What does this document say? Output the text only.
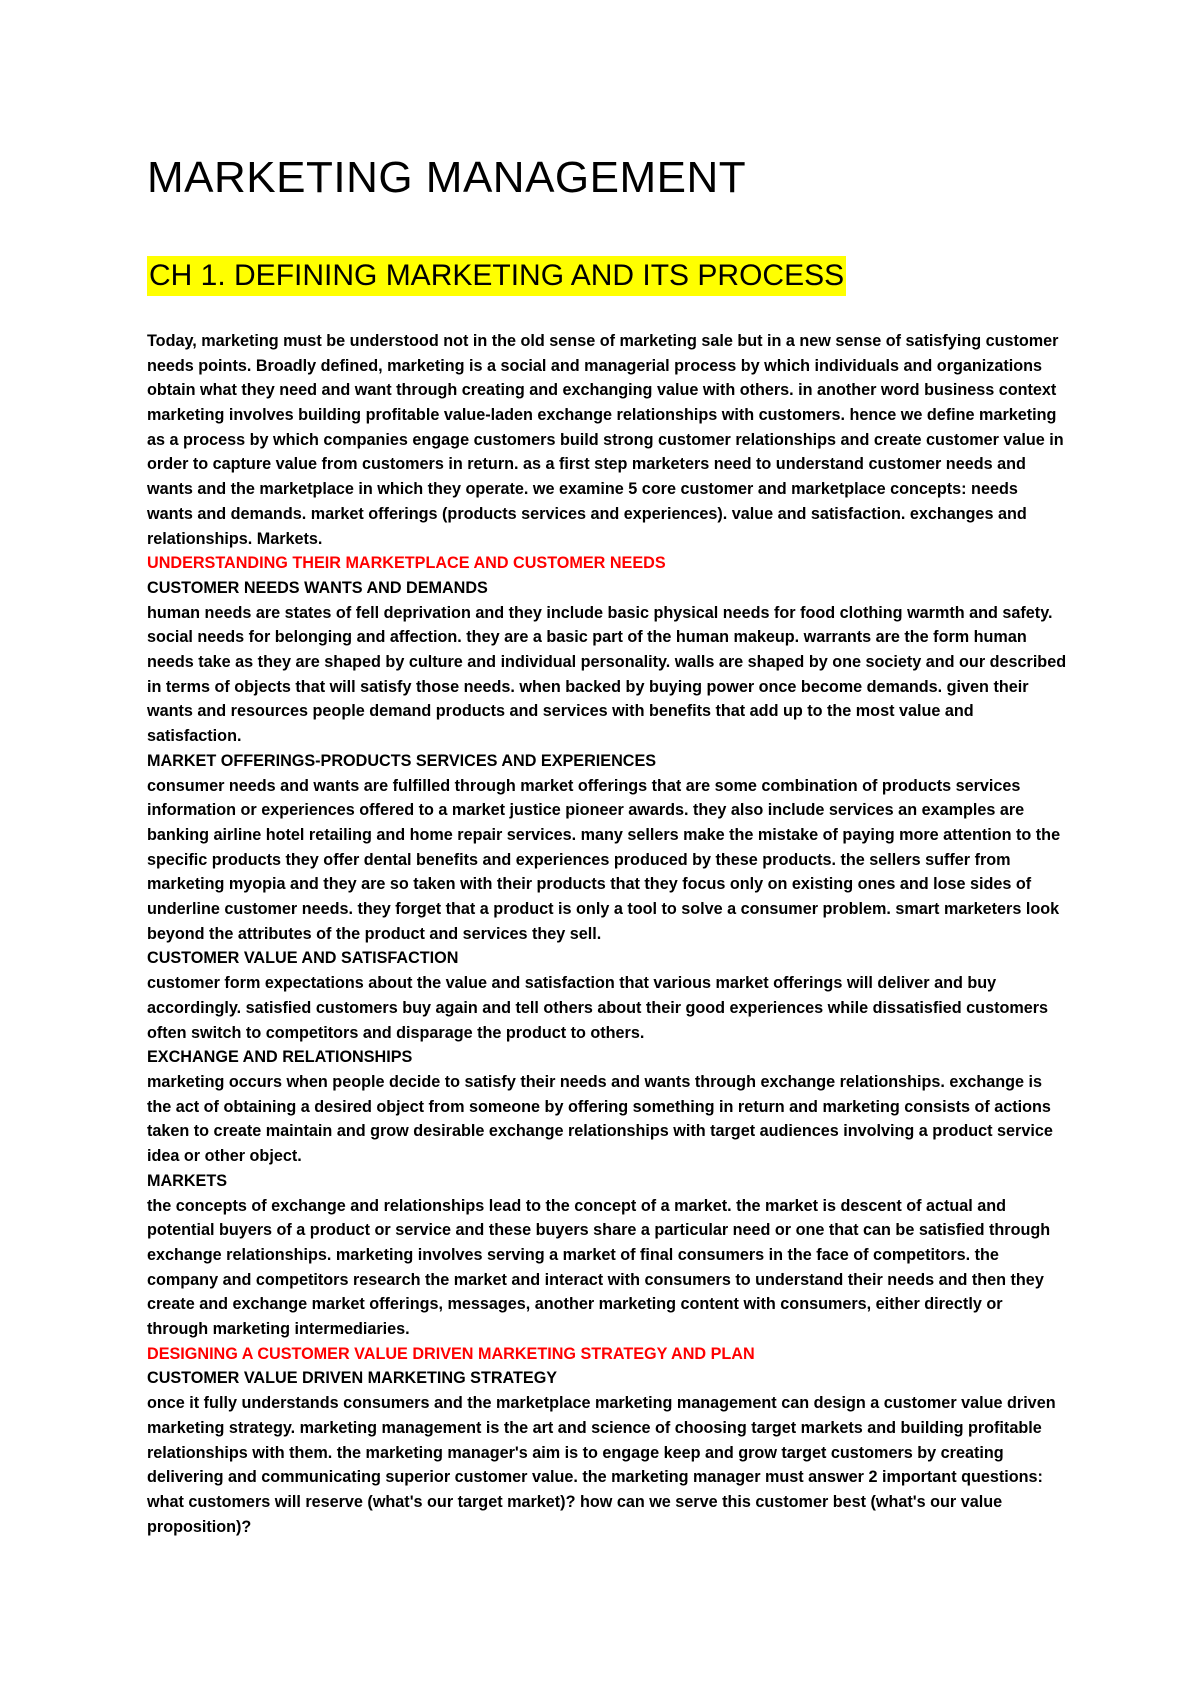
MARKETING MANAGEMENT
CH 1. DEFINING MARKETING AND ITS PROCESS

Today, marketing must be understood not in the old sense of marketing sale but in a new sense of satisfying customer needs points. Broadly defined, marketing is a social and managerial process by which individuals and organizations obtain what they need and want through creating and exchanging value with others. in another word business context marketing involves building profitable value-laden exchange relationships with customers. hence we define marketing as a process by which companies engage customers build strong customer relationships and create customer value in order to capture value from customers in return. as a first step marketers need to understand customer needs and wants and the marketplace in which they operate. we examine 5 core customer and marketplace concepts: needs wants and demands. market offerings (products services and experiences). value and satisfaction. exchanges and relationships. Markets.

UNDERSTANDING THEIR MARKETPLACE AND CUSTOMER NEEDS

CUSTOMER NEEDS WANTS AND DEMANDS

human needs are states of fell deprivation and they include basic physical needs for food clothing warmth and safety. social needs for belonging and affection. they are a basic part of the human makeup. warrants are the form human needs take as they are shaped by culture and individual personality. walls are shaped by one society and our described in terms of objects that will satisfy those needs. when backed by buying power once become demands. given their wants and resources people demand products and services with benefits that add up to the most value and satisfaction.

MARKET OFFERINGS-PRODUCTS SERVICES AND EXPERIENCES

consumer needs and wants are fulfilled through market offerings that are some combination of products services information or experiences offered to a market justice pioneer awards. they also include services an examples are banking airline hotel retailing and home repair services. many sellers make the mistake of paying more attention to the specific products they offer dental benefits and experiences produced by these products. the sellers suffer from marketing myopia and they are so taken with their products that they focus only on existing ones and lose sides of underline customer needs. they forget that a product is only a tool to solve a consumer problem. smart marketers look beyond the attributes of the product and services they sell.

CUSTOMER VALUE AND SATISFACTION

customer form expectations about the value and satisfaction that various market offerings will deliver and buy accordingly. satisfied customers buy again and tell others about their good experiences while dissatisfied customers often switch to competitors and disparage the product to others.

EXCHANGE AND RELATIONSHIPS

marketing occurs when people decide to satisfy their needs and wants through exchange relationships. exchange is the act of obtaining a desired object from someone by offering something in return and marketing consists of actions taken to create maintain and grow desirable exchange relationships with target audiences involving a product service idea or other object.

MARKETS

the concepts of exchange and relationships lead to the concept of a market. the market is descent of actual and potential buyers of a product or service and these buyers share a particular need or one that can be satisfied through exchange relationships. marketing involves serving a market of final consumers in the face of competitors. the company and competitors research the market and interact with consumers to understand their needs and then they create and exchange market offerings, messages, another marketing content with consumers, either directly or through marketing intermediaries.

DESIGNING A CUSTOMER VALUE DRIVEN MARKETING STRATEGY AND PLAN

CUSTOMER VALUE DRIVEN MARKETING STRATEGY

once it fully understands consumers and the marketplace marketing management can design a customer value driven marketing strategy. marketing management is the art and science of choosing target markets and building profitable relationships with them. the marketing manager's aim is to engage keep and grow target customers by creating delivering and communicating superior customer value. the marketing manager must answer 2 important questions: what customers will reserve (what's our target market)? how can we serve this customer best (what's our value proposition)?
